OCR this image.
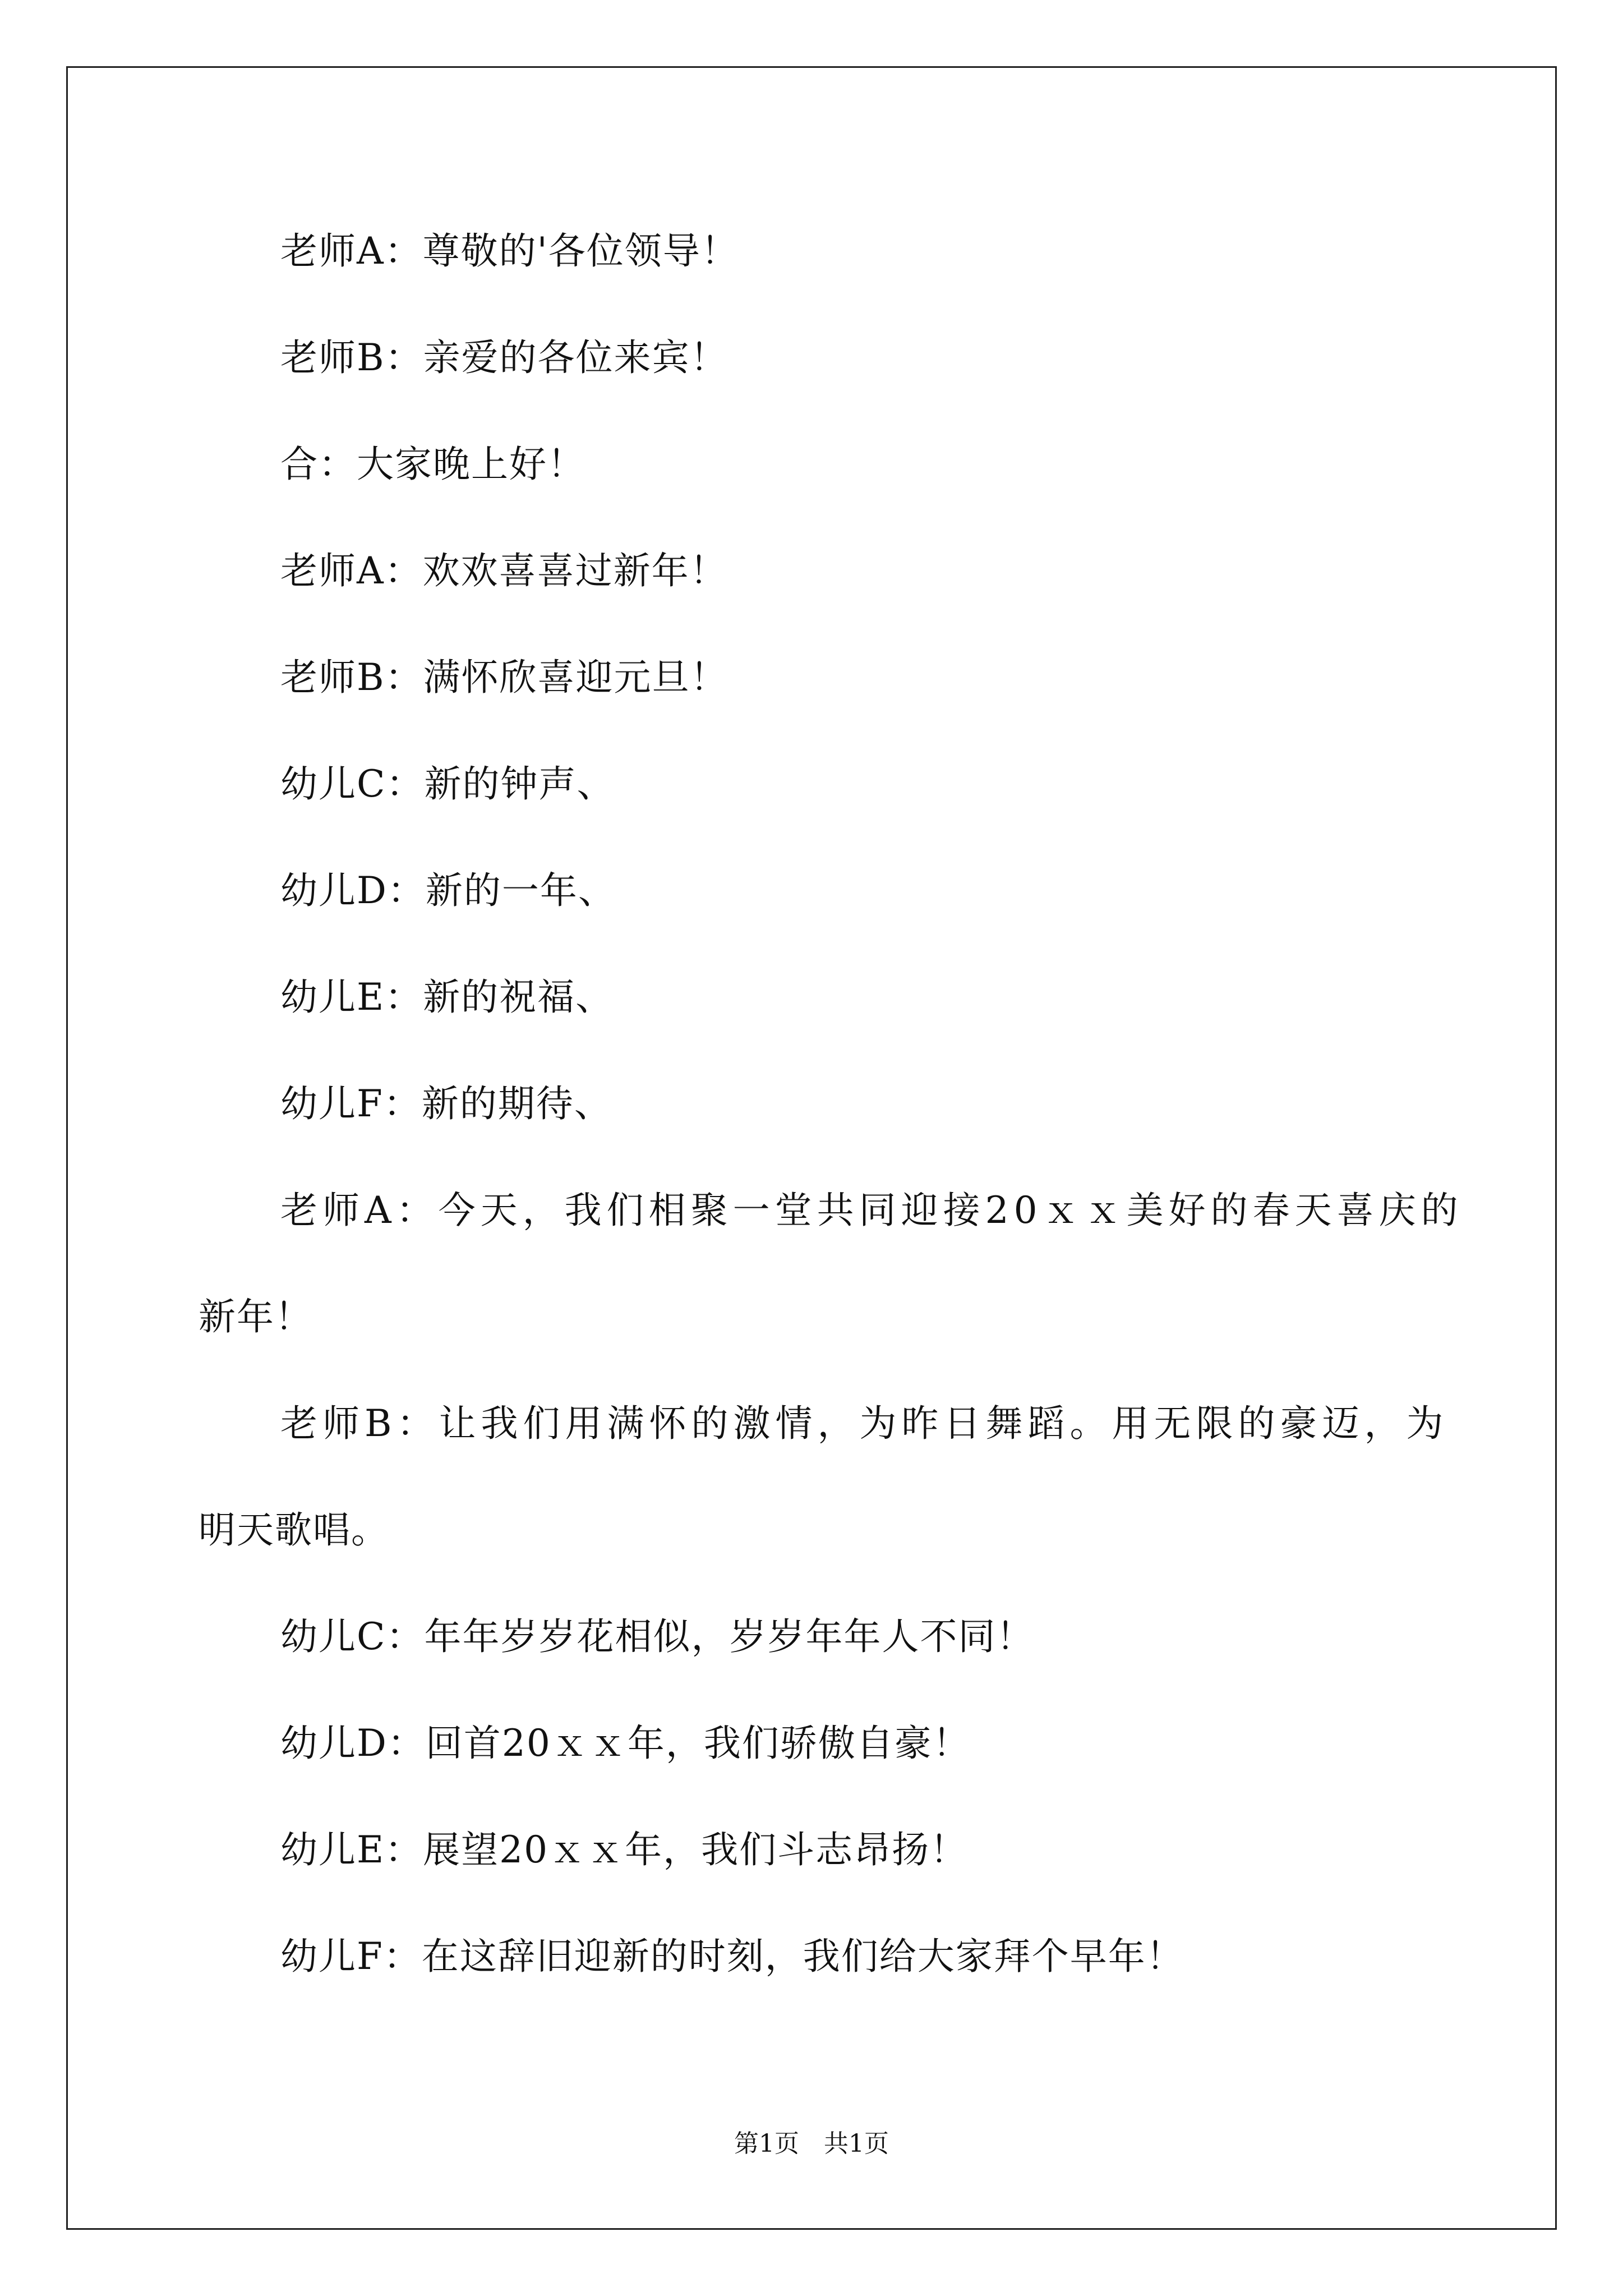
老师A：尊敬的'各位领导！
老师B：亲爱的各位来宾！
合：大家晚上好！
老师A：欢欢喜喜过新年！
老师B：满怀欣喜迎元旦！
幼儿C：新的钟声、
幼儿D：新的一年、
幼儿E：新的祝福、
幼儿F：新的期待、
老师A：今天，我们相聚一堂共同迎接20ｘｘ美好的春天喜庆的
新年！
老师B：让我们用满怀的激情，为昨日舞蹈。用无限的豪迈，为
明天歌唱。
幼儿C：年年岁岁花相似，岁岁年年人不同！
幼儿D：回首20ｘｘ年，我们骄傲自豪！
幼儿E：展望20ｘｘ年，我们斗志昂扬！
幼儿F：在这辞旧迎新的时刻，我们给大家拜个早年！
第1页　共1页
